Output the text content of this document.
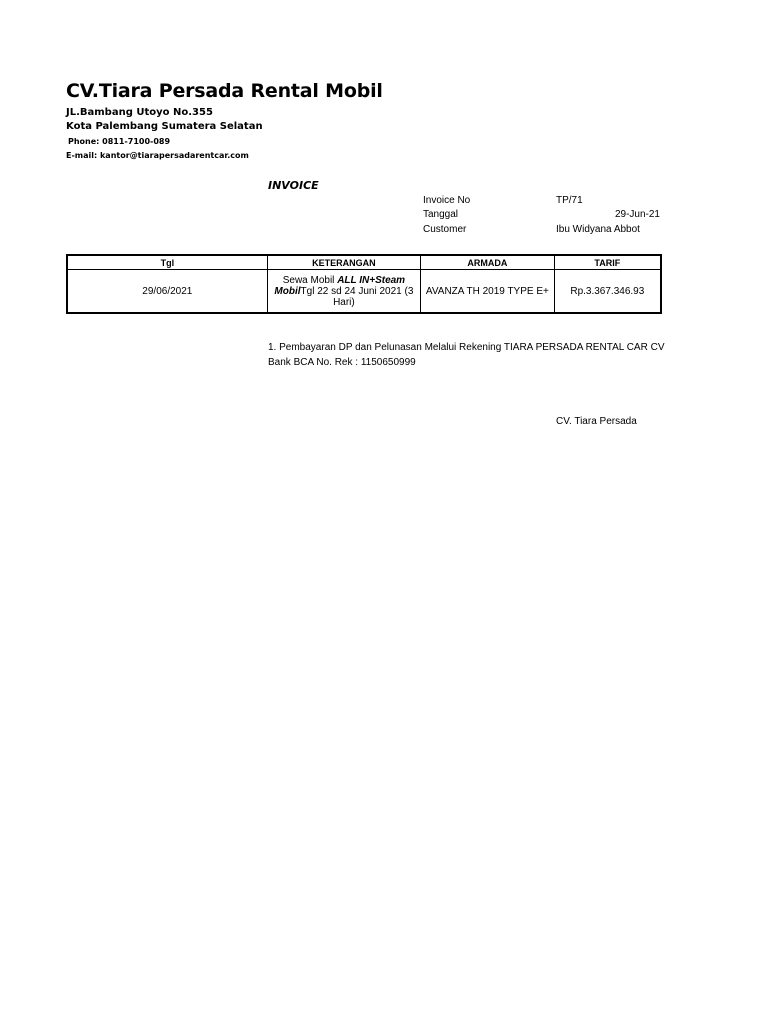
CV.Tiara Persada Rental Mobil
JL.Bambang Utoyo No.355
Kota Palembang Sumatera Selatan
Phone: 0811-7100-089
E-mail: kantor@tiarapersadarentcar.com
INVOICE
Invoice No	TP/71
Tanggal	29-Jun-21
Customer	Ibu Widyana Abbot
Tgl	KETERANGAN	ARMADA	TARIF
29/06/2021	Sewa Mobil ALL IN+Steam MobilTgl 22 sd 24 Juni 2021 (3 Hari)	AVANZA TH 2019 TYPE E+	Rp.3.367.346.93
1. Pembayaran DP dan Pelunasan Melalui Rekening TIARA PERSADA RENTAL CAR CV
Bank BCA No. Rek : 1150650999
CV. Tiara Persada
